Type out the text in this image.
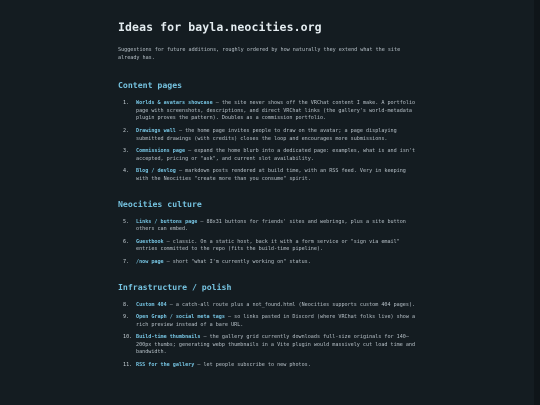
Ideas for bayla.neocities.org

Suggestions for future additions, roughly ordered by how naturally they extend what the site already has.

Content pages
1. Worlds & avatars showcase — the site never shows off the VRChat content I make. A portfolio page with screenshots, descriptions, and direct VRChat links (the gallery's world-metadata plugin proves the pattern). Doubles as a commission portfolio.
2. Drawings wall — the home page invites people to draw on the avatar; a page displaying submitted drawings (with credits) closes the loop and encourages more submissions.
3. Commissions page — expand the home blurb into a dedicated page: examples, what is and isn't accepted, pricing or "ask", and current slot availability.
4. Blog / devlog — markdown posts rendered at build time, with an RSS feed. Very in keeping with the Neocities "create more than you consume" spirit.
Neocities culture
5. Links / buttons page — 88x31 buttons for friends' sites and webrings, plus a site button others can embed.
6. Guestbook — classic. On a static host, back it with a form service or "sign via email" entries committed to the repo (fits the build-time pipeline).
7. /now page — short "what I'm currently working on" status.
Infrastructure / polish
8. Custom 404 — a catch-all route plus a not_found.html (Neocities supports custom 404 pages).
9. Open Graph / social meta tags — so links pasted in Discord (where VRChat folks live) show a rich preview instead of a bare URL.
10. Build-time thumbnails — the gallery grid currently downloads full-size originals for 140–200px thumbs; generating webp thumbnails in a Vite plugin would massively cut load time and bandwidth.
11. RSS for the gallery — let people subscribe to new photos.
